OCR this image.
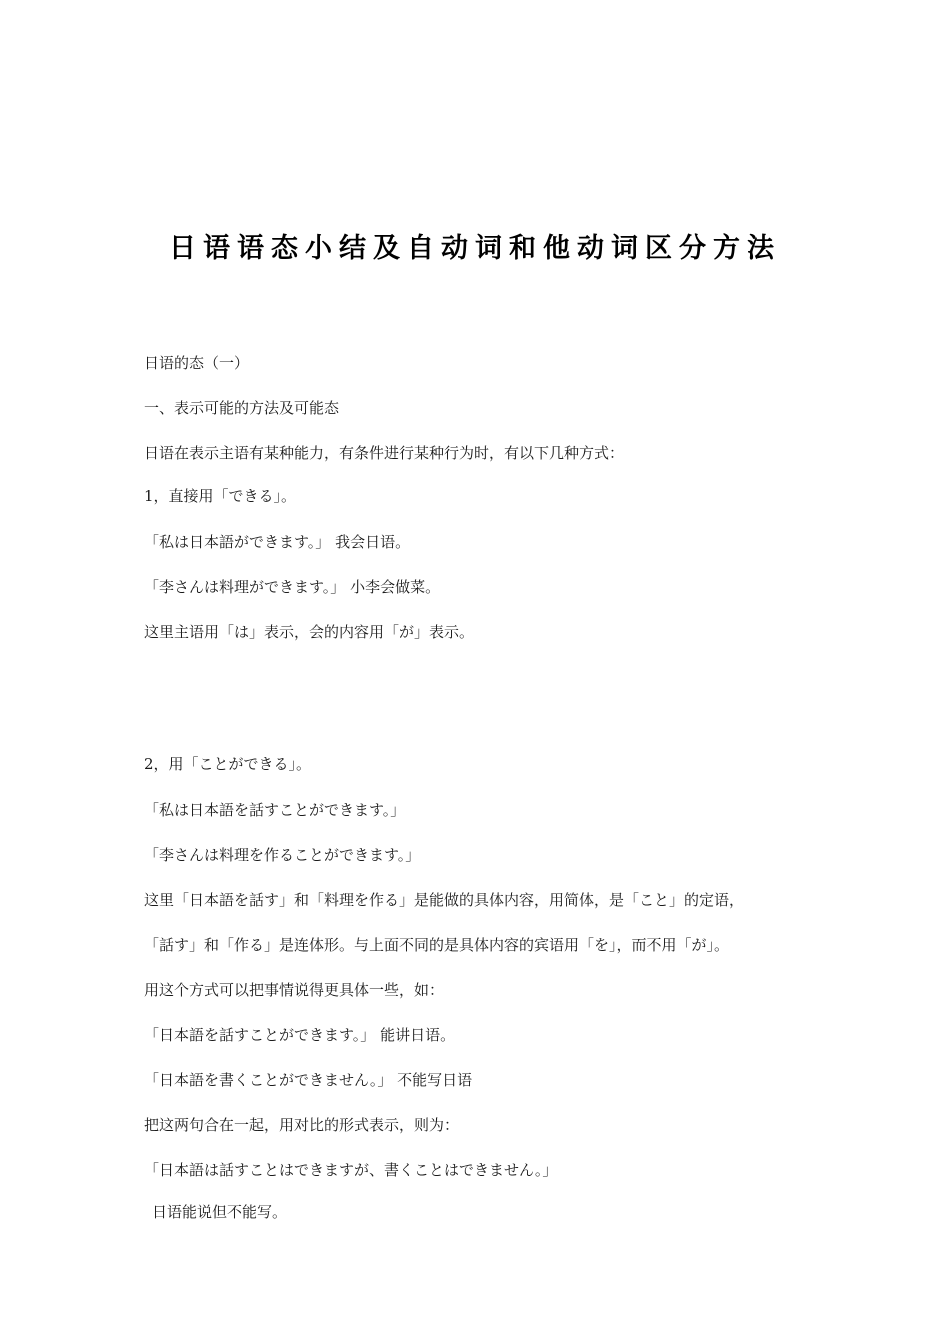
日语语态小结及自动词和他动词区分方法
日语的态（一）
一、表示可能的方法及可能态
日语在表示主语有某种能力，有条件进行某种行为时，有以下几种方式：
1，直接用「できる」。
「私は日本語ができます。」 我会日语。
「李さんは料理ができます。」 小李会做菜。
这里主语用「は」表示，会的内容用「が」表示。
2，用「ことができる」。
「私は日本語を話すことができます。」
「李さんは料理を作ることができます。」
这里「日本語を話す」和「料理を作る」是能做的具体内容，用简体，是「こと」的定语，
「話す」和「作る」是连体形。与上面不同的是具体内容的宾语用「を」，而不用「が」。
用这个方式可以把事情说得更具体一些，如：
「日本語を話すことができます。」 能讲日语。
「日本語を書くことができません。」 不能写日语
把这两句合在一起，用对比的形式表示，则为：
「日本語は話すことはできますが、書くことはできません。」
日语能说但不能写。
